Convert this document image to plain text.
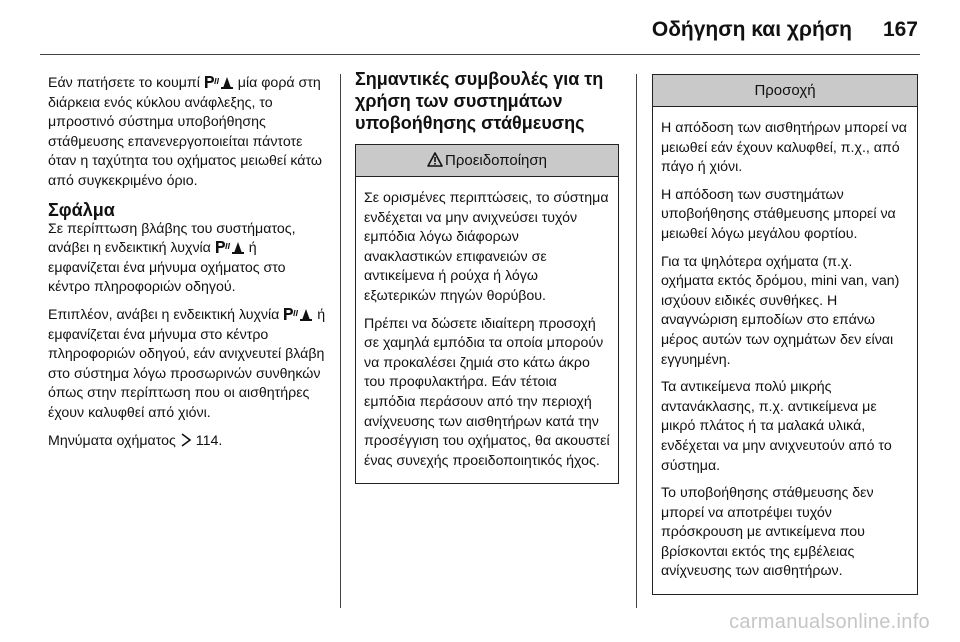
Οδήγηση και χρήση 167

Εάν πατήσετε το κουμπί	μία φορά στη διάρκεια ενός κύκλου ανάφλεξης, το μπροστινό σύστημα υποβοήθησης στάθμευσης επανενεργοποιείται πάντοτε όταν η ταχύτητα του οχήματος μειωθεί κάτω από συγκεκριμένο όριο.

Σφάλμα

Σε περίπτωση βλάβης του συστήματος, ανάβει η ενδεικτική λυχνία	ή εμφανίζεται ένα μήνυμα οχήματος στο κέντρο πληροφοριών οδηγού.

Επιπλέον, ανάβει η ενδεικτική λυχνία	ή εμφανίζεται ένα μήνυμα στο κέντρο πληροφοριών οδηγού, εάν ανιχνευτεί βλάβη στο σύστημα λόγω προσωρινών συνθηκών όπως στην περίπτωση που οι αισθητήρες έχουν καλυφθεί από χιόνι.

Μηνύματα οχήματος 114.

Σημαντικές συμβουλές για τη χρήση των συστημάτων υποβοήθησης στάθμευσης
Προειδοποίηση

Σε ορισμένες περιπτώσεις, το σύστημα ενδέχεται να μην ανιχνεύσει τυχόν εμπόδια λόγω διάφορων ανακλαστικών επιφανειών σε αντικείμενα ή ρούχα ή λόγω εξωτερικών πηγών θορύβου.

Πρέπει να δώσετε ιδιαίτερη προσοχή σε χαμηλά εμπόδια τα οποία μπορούν να προκαλέσει ζημιά στο κάτω άκρο του προφυλακτήρα. Εάν τέτοια εμπόδια περάσουν από την περιοχή ανίχνευσης των αισθητήρων κατά την προσέγγιση του οχήματος, θα ακουστεί ένας συνεχής προειδοποιητικός ήχος.

Προσοχή

Η απόδοση των αισθητήρων μπορεί να μειωθεί εάν έχουν καλυφθεί, π.χ., από πάγο ή χιόνι.

Η απόδοση των συστημάτων υποβοήθησης στάθμευσης μπορεί να μειωθεί λόγω μεγάλου φορτίου.

Για τα ψηλότερα οχήματα (π.χ. οχήματα εκτός δρόμου, mini van, van) ισχύουν ειδικές συνθήκες. Η αναγνώριση εμποδίων στο επάνω μέρος αυτών των οχημάτων δεν είναι εγγυημένη.

Τα αντικείμενα πολύ μικρής αντανάκλασης, π.χ. αντικείμενα με μικρό πλάτος ή τα μαλακά υλικά, ενδέχεται να μην ανιχνευτούν από το σύστημα.

Το υποβοήθησης στάθμευσης δεν μπορεί να αποτρέψει τυχόν πρόσκρουση με αντικείμενα που βρίσκονται εκτός της εμβέλειας ανίχνευσης των αισθητήρων.

carmanualsonline.info
